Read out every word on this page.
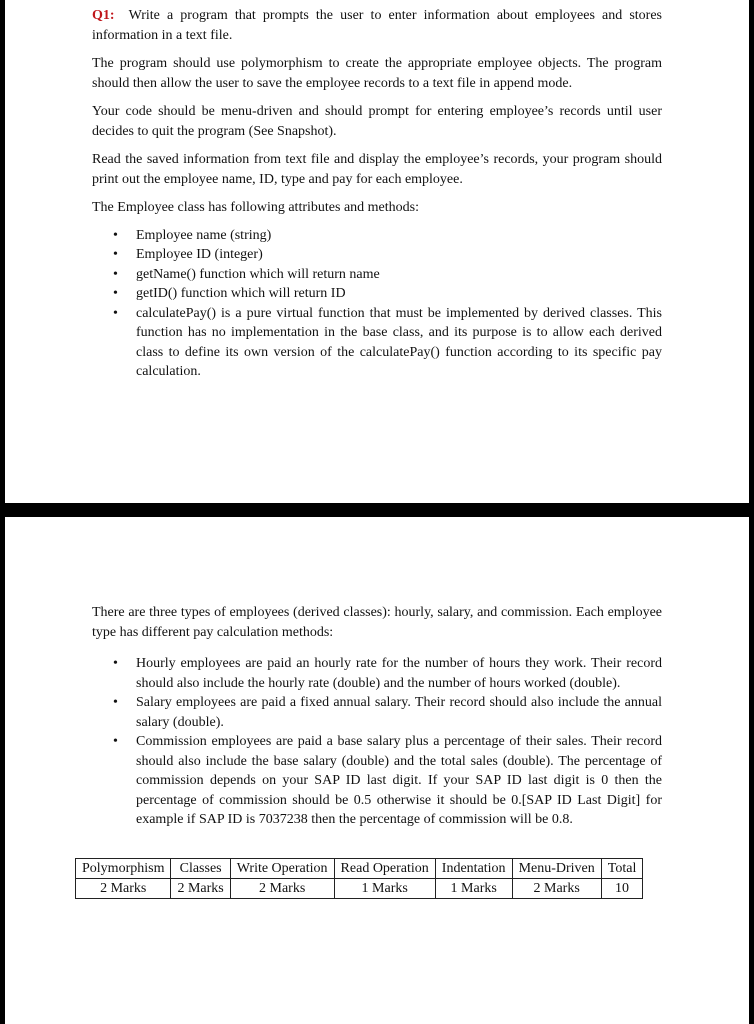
Q1: Write a program that prompts the user to enter information about employees and stores information in a text file.

The program should use polymorphism to create the appropriate employee objects. The program should then allow the user to save the employee records to a text file in append mode.

Your code should be menu-driven and should prompt for entering employee’s records until user decides to quit the program (See Snapshot).

Read the saved information from text file and display the employee’s records, your program should print out the employee name, ID, type and pay for each employee.

The Employee class has following attributes and methods:

• Employee name (string)
• Employee ID (integer)
• getName() function which will return name
• getID() function which will return ID
• calculatePay() is a pure virtual function that must be implemented by derived classes. This function has no implementation in the base class, and its purpose is to allow each derived class to define its own version of the calculatePay() function according to its specific pay calculation.

There are three types of employees (derived classes): hourly, salary, and commission. Each employee type has different pay calculation methods:

• Hourly employees are paid an hourly rate for the number of hours they work. Their record should also include the hourly rate (double) and the number of hours worked (double).
• Salary employees are paid a fixed annual salary. Their record should also include the annual salary (double).
• Commission employees are paid a base salary plus a percentage of their sales. Their record should also include the base salary (double) and the total sales (double). The percentage of commission depends on your SAP ID last digit. If your SAP ID last digit is 0 then the percentage of commission should be 0.5 otherwise it should be 0.[SAP ID Last Digit] for example if SAP ID is 7037238 then the percentage of commission will be 0.8.
Polymorphism	Classes	Write Operation	Read Operation	Indentation	Menu-Driven	Total
2 Marks	2 Marks	2 Marks	1 Marks	1 Marks	2 Marks	10
